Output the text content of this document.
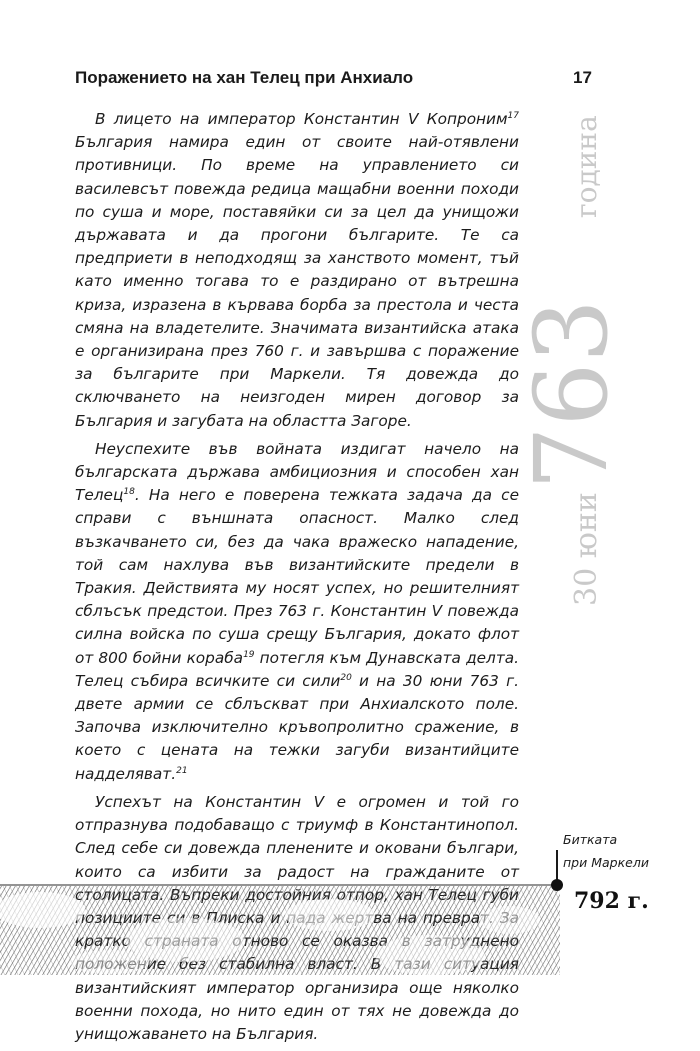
Поражението на хан Телец при Анхиало	17

В лицето на император Константин V Копроним$^{17}$ България намира един от своите най-отявлени противници. По време на управлението си василевсът повежда редица мащабни военни походи по суша и море, поставяйки си за цел да унищожи държавата и да прогони българите. Те са предприети в неподходящ за ханството момент, тъй като именно тогава то е раздирано от вътрешна криза, изразена в кървава борба за престола и честа смяна на владетелите. Значимата византийска атака е организирана през 760 г. и завършва с поражение за българите при Маркели. Тя довежда до сключването на неизгоден мирен договор за България и загубата на областта Загоре.

Неуспехите във войната издигат начело на българската държава амбициозния и способен хан Телец$^{18}$. На него е поверена тежката задача да се справи с външната опасност. Малко след възкачването си, без да чака вражеско нападение, той сам нахлува във византийските предели в Тракия. Действията му носят успех, но решителният сблъсък предстои. През 763 г. Константин V повежда силна войска по суша срещу България, докато флот от 800 бойни кораба$^{19}$ потегля към Дунавската делта. Телец събира всичките си сили$^{20}$ и на 30 юни 763 г. двете армии се сблъскват при Анхиалското поле. Започва изключително кръвопролитно сражение, в което с цената на тежки загуби византийците надделяват.$^{21}$

Успехът на Константин V е огромен и той го отпразнува подобаващо с триумф в Константинопол. След себе си довежда пленените и оковани българи, които са избити за радост на гражданите от византийският император организира още няколко военни похода, но нито един от тях не довежда до унищожаването на България.

30 юни
763
година
Битката
при Маркели
792 г.
